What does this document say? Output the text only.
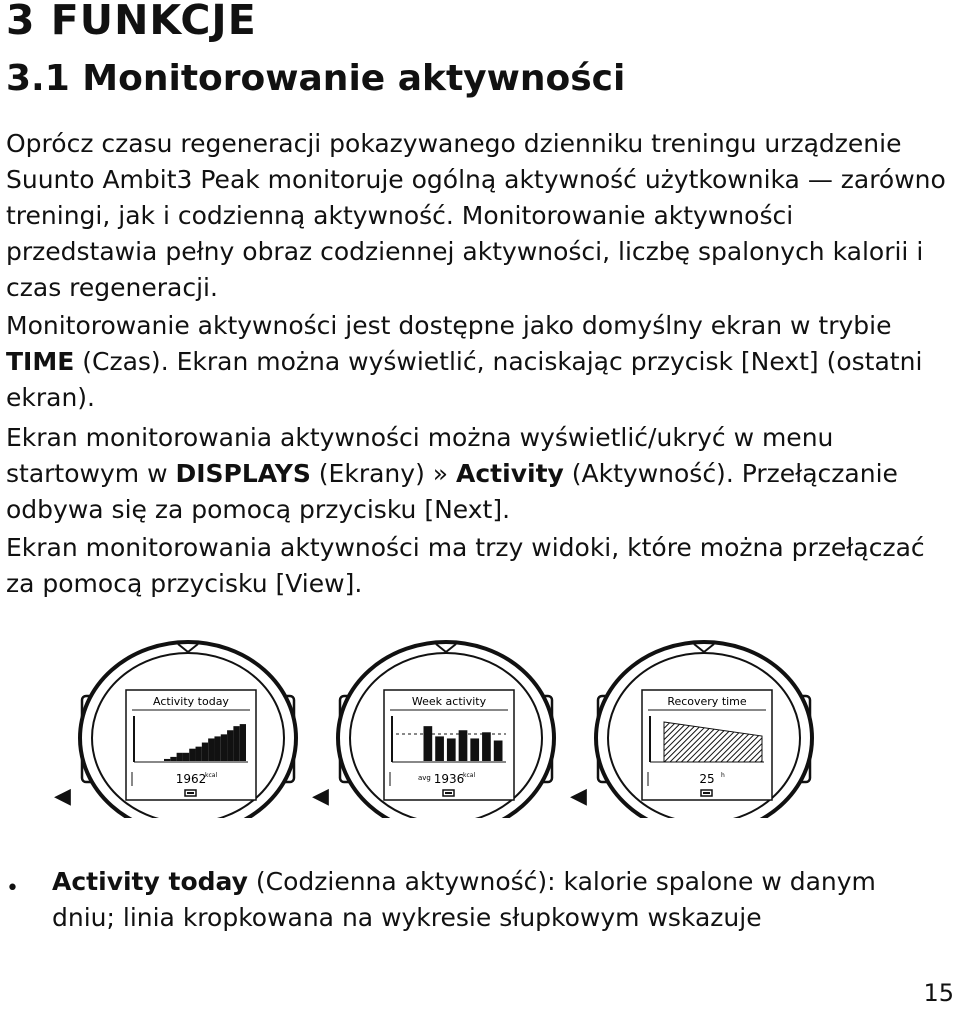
3 FUNKCJE
3.1 Monitorowanie aktywności

Oprócz czasu regeneracji pokazywanego dzienniku treningu urządzenie Suunto Ambit3 Peak monitoruje ogólną aktywność użytkownika — zarówno treningi, jak i codzienną aktywność. Monitorowanie aktywności przedstawia pełny obraz codziennej aktywności, liczbę spalonych kalorii i czas regeneracji.

Monitorowanie aktywności jest dostępne jako domyślny ekran w trybie TIME (Czas). Ekran można wyświetlić, naciskając przycisk [Next] (ostatni ekran).

Ekran monitorowania aktywności można wyświetlić/ukryć w menu startowym w DISPLAYS (Ekrany) » Activity (Aktywność). Przełączanie odbywa się za pomocą przycisku [Next].

Ekran monitorowania aktywności ma trzy widoki, które można przełączać za pomocą przycisku [View].

Activity today
1962
kcal
Week activity
avg 1936
kcal
Recovery time
25 h
◀	◀	◀
• Activity today (Codzienna aktywność): kalorie spalone w danym dniu; linia kropkowana na wykresie słupkowym wskazuje

15
